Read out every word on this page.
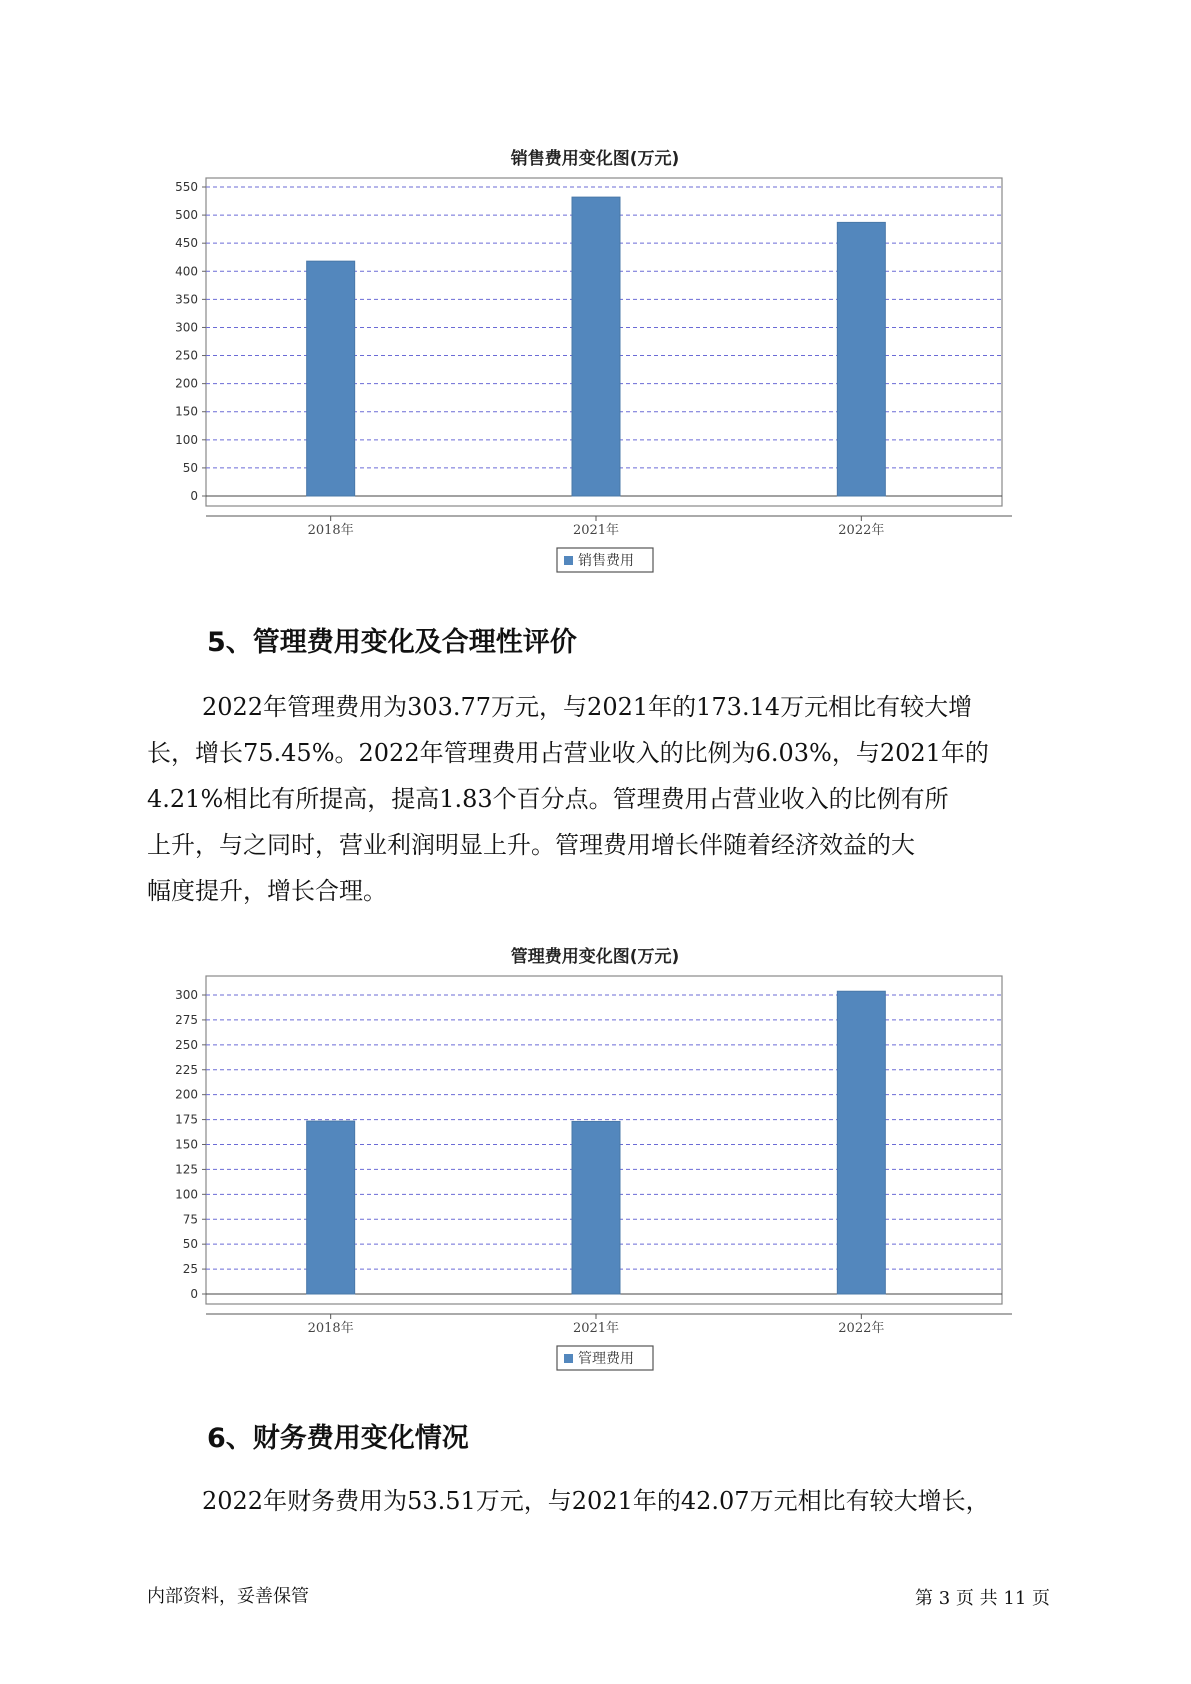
销售费用变化图(万元)
0
50
100
150
200
250
300
350
400
450
500
550
2018年	2021年	2022年
销售费用
5、管理费用变化及合理性评价
2022年管理费用为303.77万元，与2021年的173.14万元相比有较大增
长，增长75.45%。2022年管理费用占营业收入的比例为6.03%，与2021年的
4.21%相比有所提高，提高1.83个百分点。管理费用占营业收入的比例有所
上升，与之同时，营业利润明显上升。管理费用增长伴随着经济效益的大
幅度提升，增长合理。
管理费用变化图(万元)
0
25
50
75
100
125
150
175
200
225
250
275
300
2018年	2021年	2022年
管理费用
6、财务费用变化情况
2022年财务费用为53.51万元，与2021年的42.07万元相比有较大增长，
内部资料，妥善保管	第 3 页 共 11 页
